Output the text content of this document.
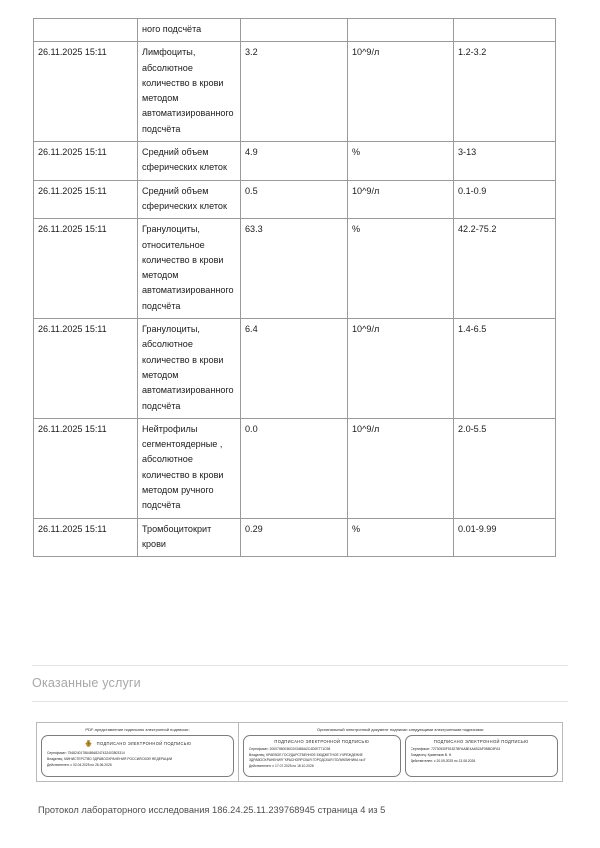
	ного подсчёта			
26.11.2025 15:11	Лимфоциты, абсолютное количество в крови методом автоматизированного подсчёта	3.2	10^9/л	1.2-3.2
26.11.2025 15:11	Средний объем сферических клеток	4.9	%	3-13
26.11.2025 15:11	Средний объем сферических клеток	0.5	10^9/л	0.1-0.9
26.11.2025 15:11	Гранулоциты, относительное количество в крови методом автоматизированного подсчёта	63.3	%	42.2-75.2
26.11.2025 15:11	Гранулоциты, абсолютное количество в крови методом автоматизированного подсчёта	6.4	10^9/л	1.4-6.5
26.11.2025 15:11	Нейтрофилы сегментоядерные , абсолютное количество в крови методом ручного подсчёта	0.0	10^9/л	2.0-5.5
26.11.2025 15:11	Тромбоцитокрит крови	0.29	%	0.01-9.99
Оказанные услуги
PDF-представление подписано электронной подписью:
ПОДПИСАНО ЭЛЕКТРОННОЙ ПОДПИСЬЮ
Сертификат: 7548240178648648247432403503314
Владелец: МИНИСТЕРСТВО ЗДРАВООХРАНЕНИЯ РОССИЙСКОЙ ФЕДЕРАЦИИ
Действителен: с 02.04.2025 по 26.06.2026
Оригинальный электронный документ подписан следующими электронными подписями:
ПОДПИСАНО ЭЛЕКТРОННОЙ ПОДПИСЬЮ
Сертификат: 20007050036C0034B6A2C4D0ET71C98
Владелец: КРАЕВОЕ ГОСУДАРСТВЕННОЕ БЮДЖЕТНОЕ УЧРЕЖДЕНИЕ ЗДРАВООХРАНЕНИЯ "КРАСНОЯРСКАЯ ГОРОДСКАЯ ПОЛИКЛИНИКА №4"
Действителен: с 17.07.2025 по 18.10.2026
ПОДПИСАНО ЭЛЕКТРОННОЙ ПОДПИСЬЮ
Сертификат: 72730530F51527BFAA8E4A4B2AF0BBD3FA3
Владелец: Кривенков В. Н.
Действителен: с 20.05.2025 по 13.08.2026
Протокол лабораторного исследования 186.24.25.11.239768945 страница 4 из 5
